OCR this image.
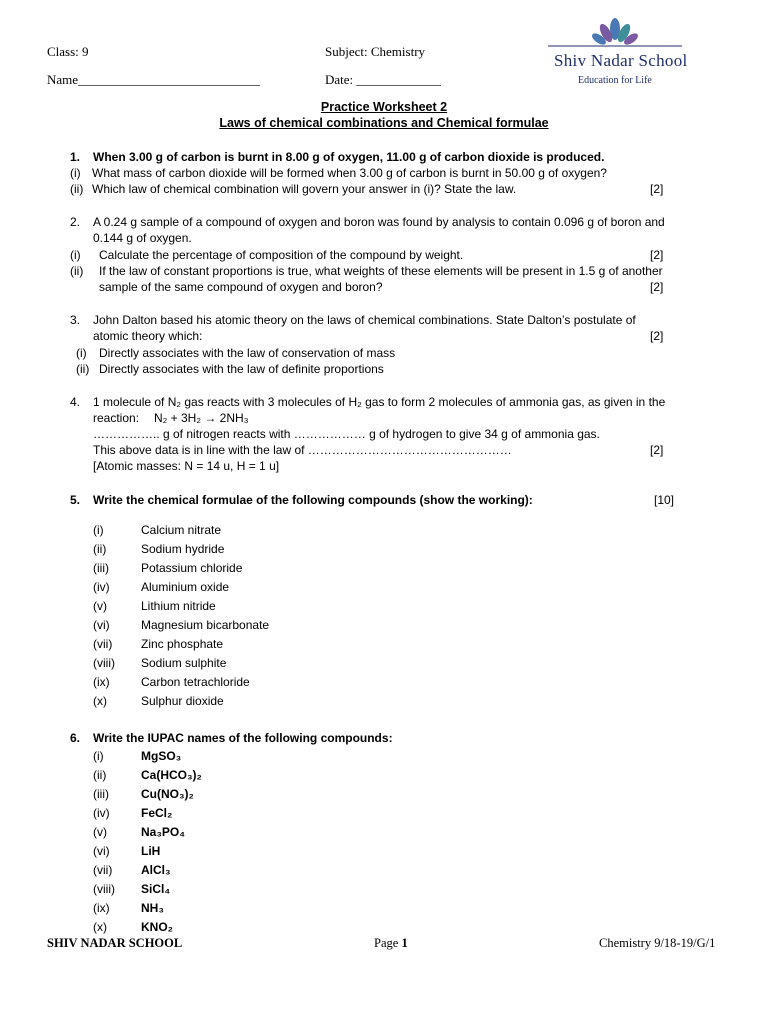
Class: 9	Subject: Chemistry
Name____________________________	Date: _____________
Shiv Nadar School
Education for Life
Practice Worksheet 2
Laws of chemical combinations and Chemical formulae
1. When 3.00 g of carbon is burnt in 8.00 g of oxygen, 11.00 g of carbon dioxide is produced.
(i) What mass of carbon dioxide will be formed when 3.00 g of carbon is burnt in 50.00 g of oxygen?
(ii) Which law of chemical combination will govern your answer in (i)? State the law.	[2]
2. A 0.24 g sample of a compound of oxygen and boron was found by analysis to contain 0.096 g of boron and
0.144 g of oxygen.
(i) Calculate the percentage of composition of the compound by weight.	[2]
(ii) If the law of constant proportions is true, what weights of these elements will be present in 1.5 g of another
sample of the same compound of oxygen and boron?	[2]
3. John Dalton based his atomic theory on the laws of chemical combinations. State Dalton’s postulate of
atomic theory which:	[2]
(i) Directly associates with the law of conservation of mass
(ii) Directly associates with the law of definite proportions
4. 1 molecule of N₂ gas reacts with 3 molecules of H₂ gas to form 2 molecules of ammonia gas, as given in the
reaction: N₂ + 3H₂ → 2NH₃
…………….. g of nitrogen reacts with ……………… g of hydrogen to give 34 g of ammonia gas.
This above data is in line with the law of ……………………………………………	[2]
[Atomic masses: N = 14 u, H = 1 u]
5. Write the chemical formulae of the following compounds (show the working):	[10]
(i)	Calcium nitrate
(ii)	Sodium hydride
(iii)	Potassium chloride
(iv)	Aluminium oxide
(v)	Lithium nitride
(vi)	Magnesium bicarbonate
(vii) Zinc phosphate
(viii) Sodium sulphite
(ix)	Carbon tetrachloride
(x)	Sulphur dioxide
6. Write the IUPAC names of the following compounds:
(i)	MgSO₃
(ii)	Ca(HCO₃)₂
(iii)	Cu(NO₃)₂
(iv)	FeCl₂
(v)	Na₃PO₄
(vi)	LiH
(vii) AlCl₃
(viii) SiCl₄
(ix)	NH₃
(x)	KNO₂
SHIV NADAR SCHOOL	Page 1	Chemistry 9/18-19/G/1
